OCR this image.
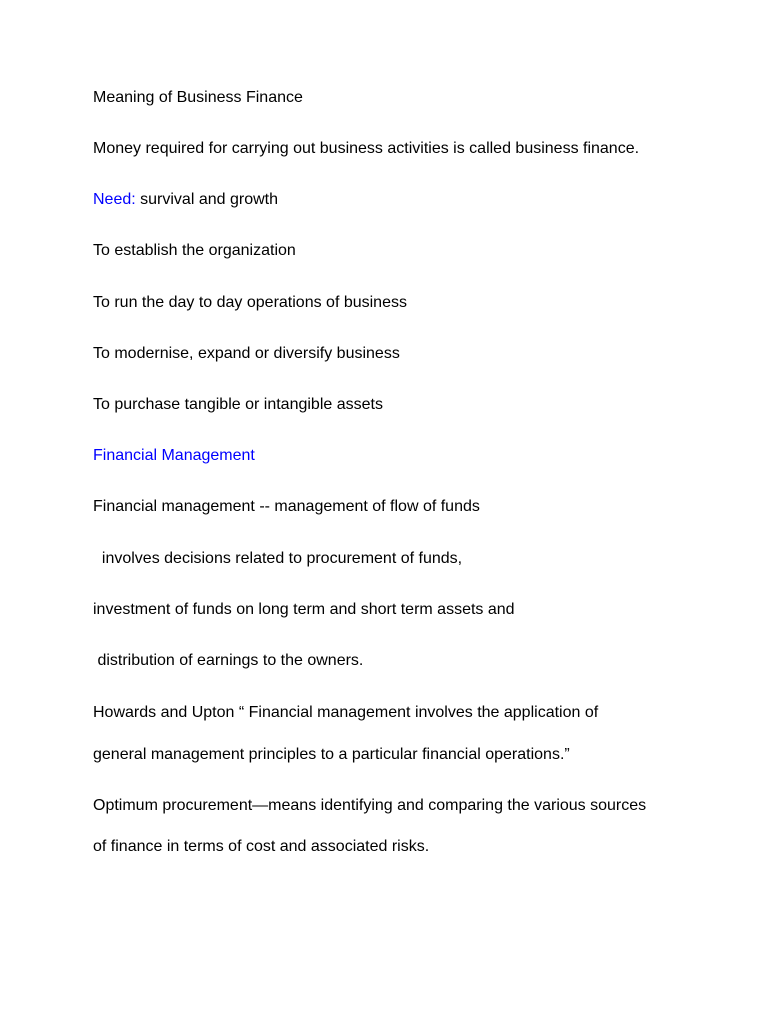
Meaning of Business Finance
Money required for carrying out business activities is called business finance.
Need: survival and growth
To establish the organization
To run the day to day operations of business
To modernise, expand or diversify business
To purchase tangible or intangible assets
Financial Management
Financial management -- management of flow of funds
involves decisions related to procurement of funds,
investment of funds on long term and short term assets and
distribution of earnings to the owners.
Howards and Upton “ Financial management involves the application of
general management principles to a particular financial operations.”
Optimum procurement—means identifying and comparing the various sources
of finance in terms of cost and associated risks.
